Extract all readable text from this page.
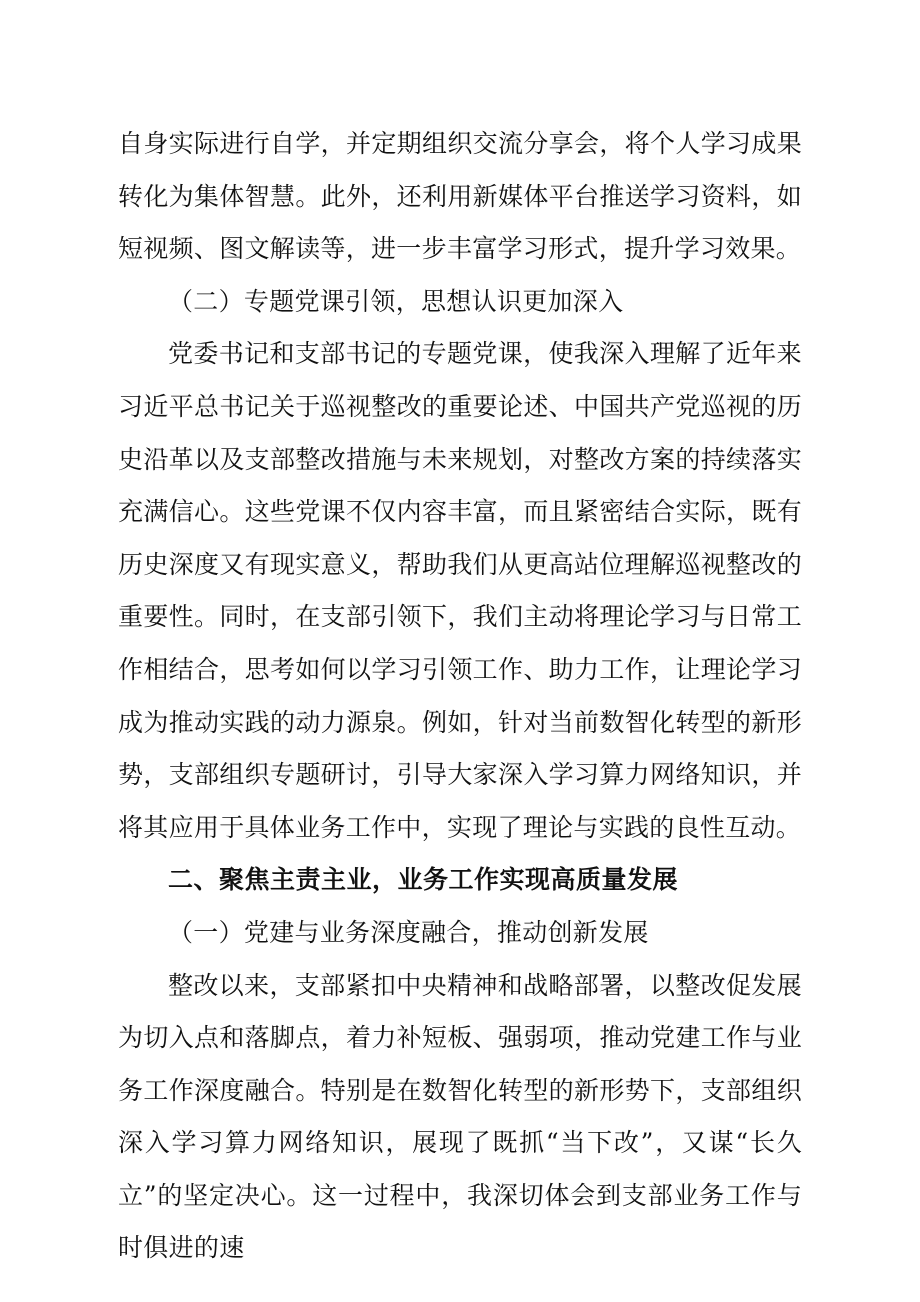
自身实际进行自学，并定期组织交流分享会，将个人学习成果转化为集体智慧。此外，还利用新媒体平台推送学习资料，如短视频、图文解读等，进一步丰富学习形式，提升学习效果。

（二）专题党课引领，思想认识更加深入

党委书记和支部书记的专题党课，使我深入理解了近年来习近平总书记关于巡视整改的重要论述、中国共产党巡视的历史沿革以及支部整改措施与未来规划，对整改方案的持续落实充满信心。这些党课不仅内容丰富，而且紧密结合实际，既有历史深度又有现实意义，帮助我们从更高站位理解巡视整改的重要性。同时，在支部引领下，我们主动将理论学习与日常工作相结合，思考如何以学习引领工作、助力工作，让理论学习成为推动实践的动力源泉。例如，针对当前数智化转型的新形势，支部组织专题研讨，引导大家深入学习算力网络知识，并将其应用于具体业务工作中，实现了理论与实践的良性互动。

二、聚焦主责主业，业务工作实现高质量发展

（一）党建与业务深度融合，推动创新发展

整改以来，支部紧扣中央精神和战略部署，以整改促发展为切入点和落脚点，着力补短板、强弱项，推动党建工作与业务工作深度融合。特别是在数智化转型的新形势下，支部组织深入学习算力网络知识，展现了既抓“当下改”，又谋“长久立”的坚定决心。这一过程中，我深切体会到支部业务工作与时俱进的速
